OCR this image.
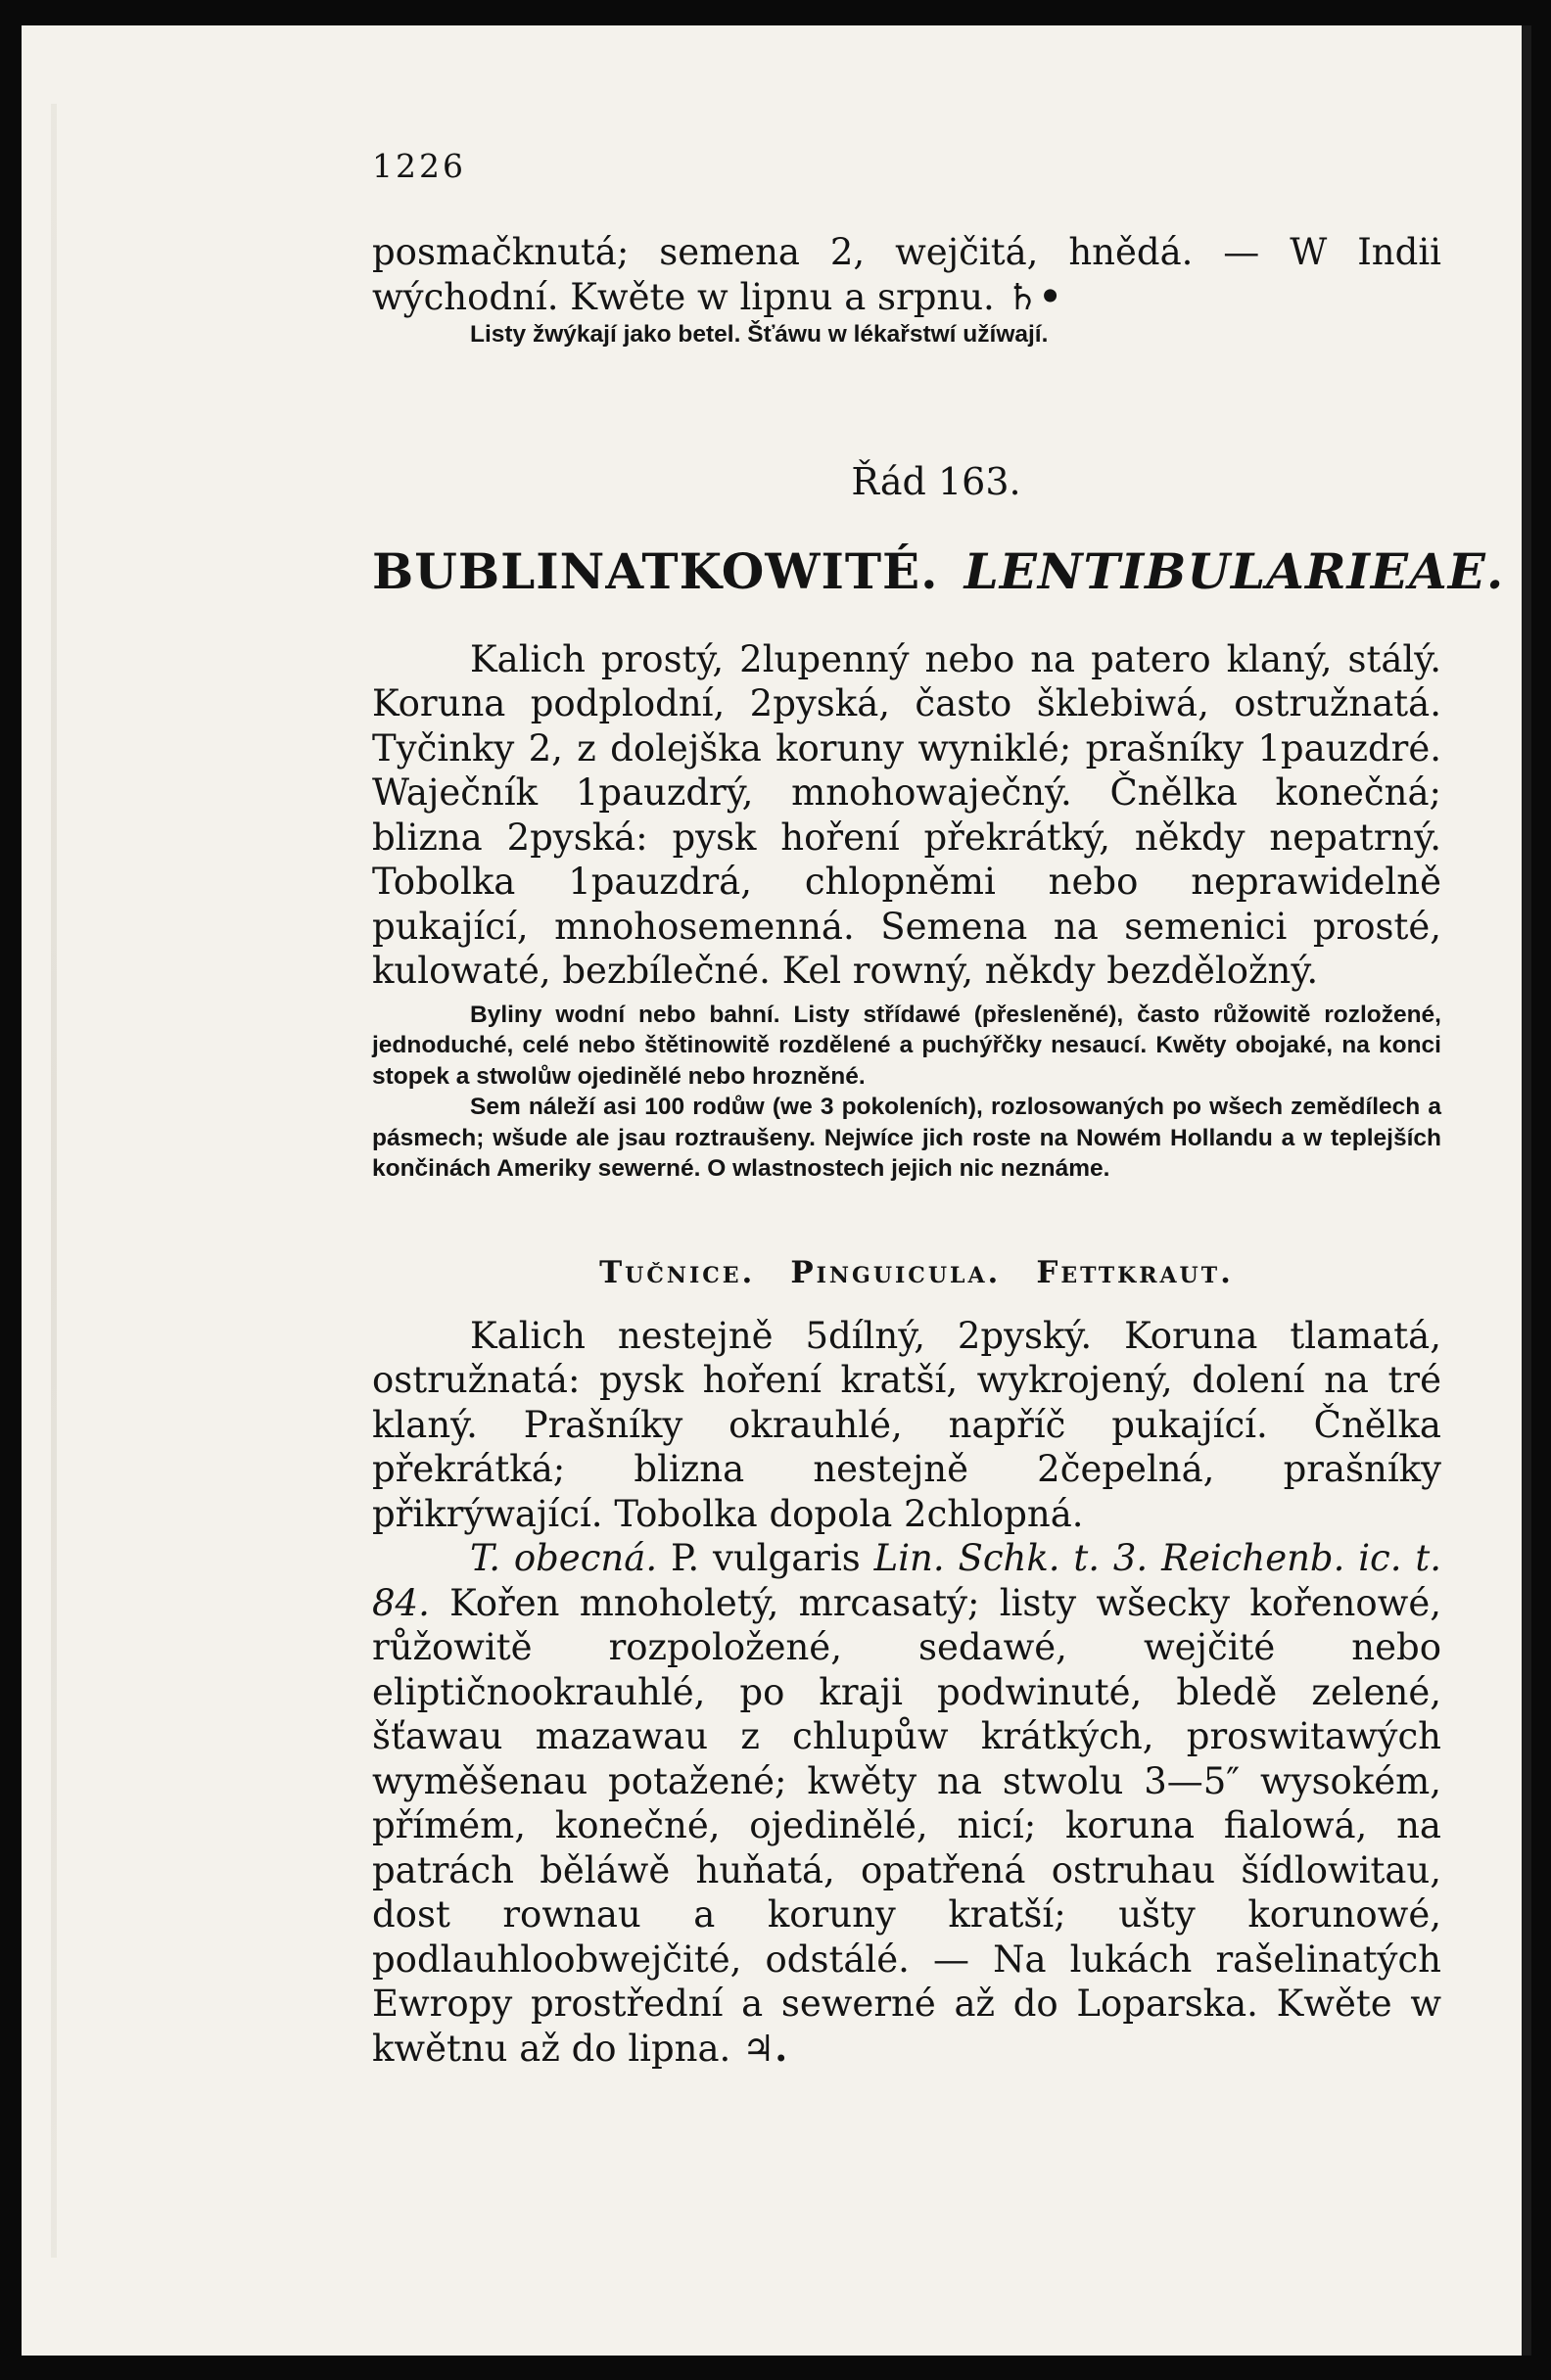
1226

posmačknutá; semena 2, wejčitá, hnědá. — W Indii wýchodní. Kwěte w lipnu a srpnu. ♄•

Listy žwýkají jako betel. Šťáwu w lékařstwí užíwají.

Řád 163.
BUBLINATKOWITÉ. LENTIBULARIEAE.

Kalich prostý, 2lupenný nebo na patero klaný, stálý. Koruna podplodní, 2pyská, často šklebiwá, ostružnatá. Tyčinky 2, z dolejška koruny wyniklé; prašníky 1pauzdré. Waječník 1pauzdrý, mnohowaječný. Čnělka konečná; blizna 2pyská: pysk hoření překrátký, někdy nepatrný. Tobolka 1pauzdrá, chlopněmi nebo neprawidelně pukající, mnohosemenná. Semena na semenici prosté, kulowaté, bezbílečné. Kel rowný, někdy bezděložný.

Byliny wodní nebo bahní. Listy střídawé (přesleněné), často růžowitě rozložené, jednoduché, celé nebo štětinowitě rozdělené a puchýřčky nesaucí. Kwěty obojaké, na konci stopek a stwolůw ojedinělé nebo hrozněné.

Sem náleží asi 100 rodůw (we 3 pokoleních), rozlosowaných po wšech zemědílech a pásmech; wšude ale jsau roztraušeny. Nejwíce jich roste na Nowém Hollandu a w teplejších končinách Ameriky sewerné. O wlastnostech jejich nic neznáme.

Tučnice. Pinguicula. Fettkraut.

Kalich nestejně 5dílný, 2pyský. Koruna tlamatá, ostružnatá: pysk hoření kratší, wykrojený, dolení na tré klaný. Prašníky okrauhlé, napříč pukající. Čnělka překrátká; blizna nestejně 2čepelná, prašníky přikrýwající. Tobolka dopola 2chlopná.

T. obecná. P. vulgaris Lin. Schk. t. 3. Reichenb. ic. t. 84. Kořen mnoholetý, mrcasatý; listy wšecky kořenowé, růžowitě rozpoložené, sedawé, wejčité nebo eliptičnookrauhlé, po kraji podwinuté, bledě zelené, šťawau mazawau z chlupůw krátkých, proswitawých wyměšenau potažené; kwěty na stwolu 3—5″ wysokém, přímém, konečné, ojedinělé, nicí; koruna fialowá, na patrách běláwě huňatá, opatřená ostruhau šídlowitau, dost rownau a koruny kratší; ušty korunowé, podlauhloobwejčité, odstálé. — Na lukách rašelinatých Ewropy prostřední a sewerné až do Loparska. Kwěte w kwětnu až do lipna. ♃.
